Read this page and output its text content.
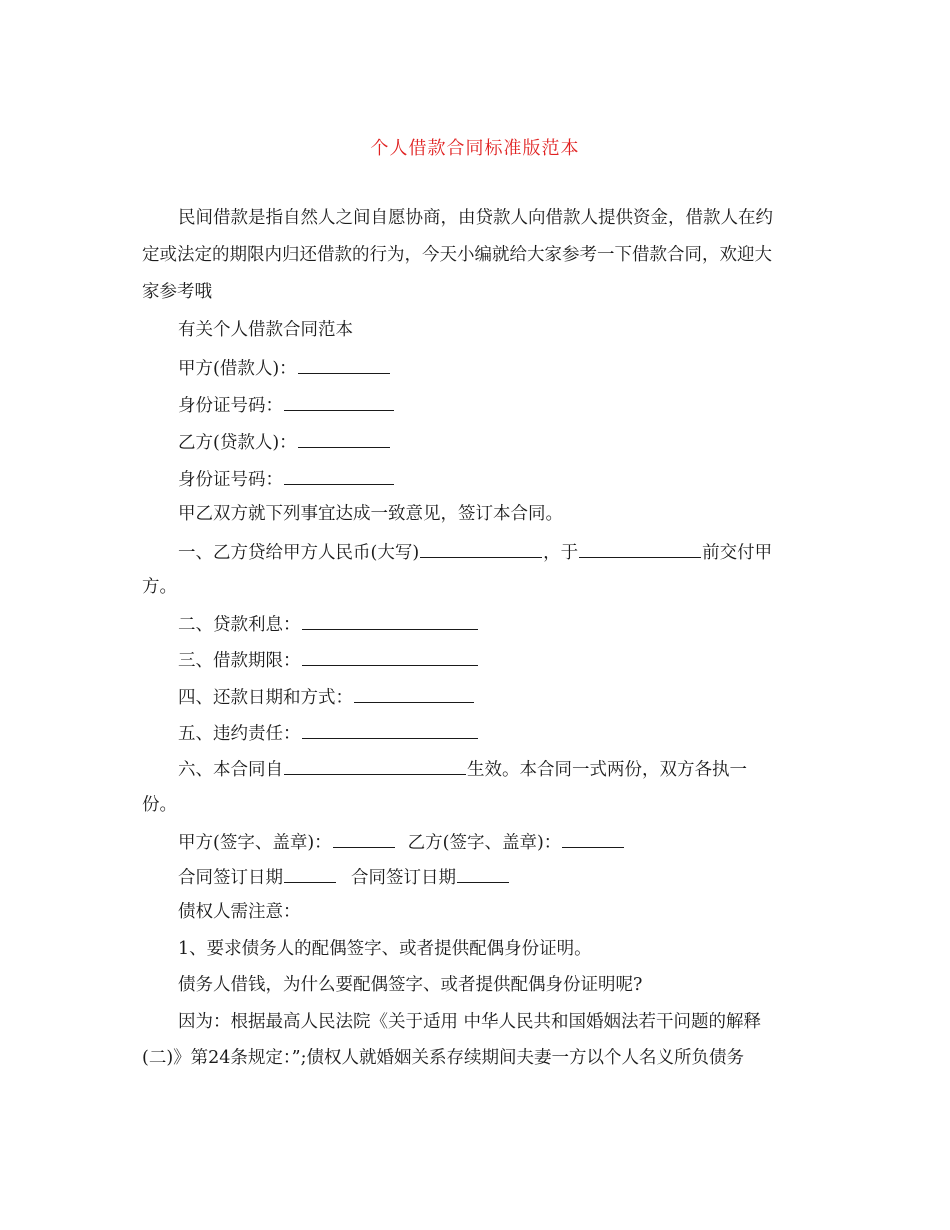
个人借款合同标准版范本
民间借款是指自然人之间自愿协商，由贷款人向借款人提供资金，借款人在约
定或法定的期限内归还借款的行为，今天小编就给大家参考一下借款合同，欢迎大
家参考哦
有关个人借款合同范本
甲方(借款人)：
身份证号码：
乙方(贷款人)：
身份证号码：
甲乙双方就下列事宜达成一致意见，签订本合同。
一、乙方贷给甲方人民币(大写)	，于	前交付甲
方。
二、贷款利息：
三、借款期限：
四、还款日期和方式：
五、违约责任：
六、本合同自	生效。本合同一式两份，双方各执一
份。
甲方(签字、盖章)：	乙方(签字、盖章)：
合同签订日期	合同签订日期
债权人需注意：
1、要求债务人的配偶签字、或者提供配偶身份证明。
债务人借钱，为什么要配偶签字、或者提供配偶身份证明呢?
因为：根据最高人民法院《关于适用 中华人民共和国婚姻法若干问题的解释
(二)》第24条规定：”;债权人就婚姻关系存续期间夫妻一方以个人名义所负债务
